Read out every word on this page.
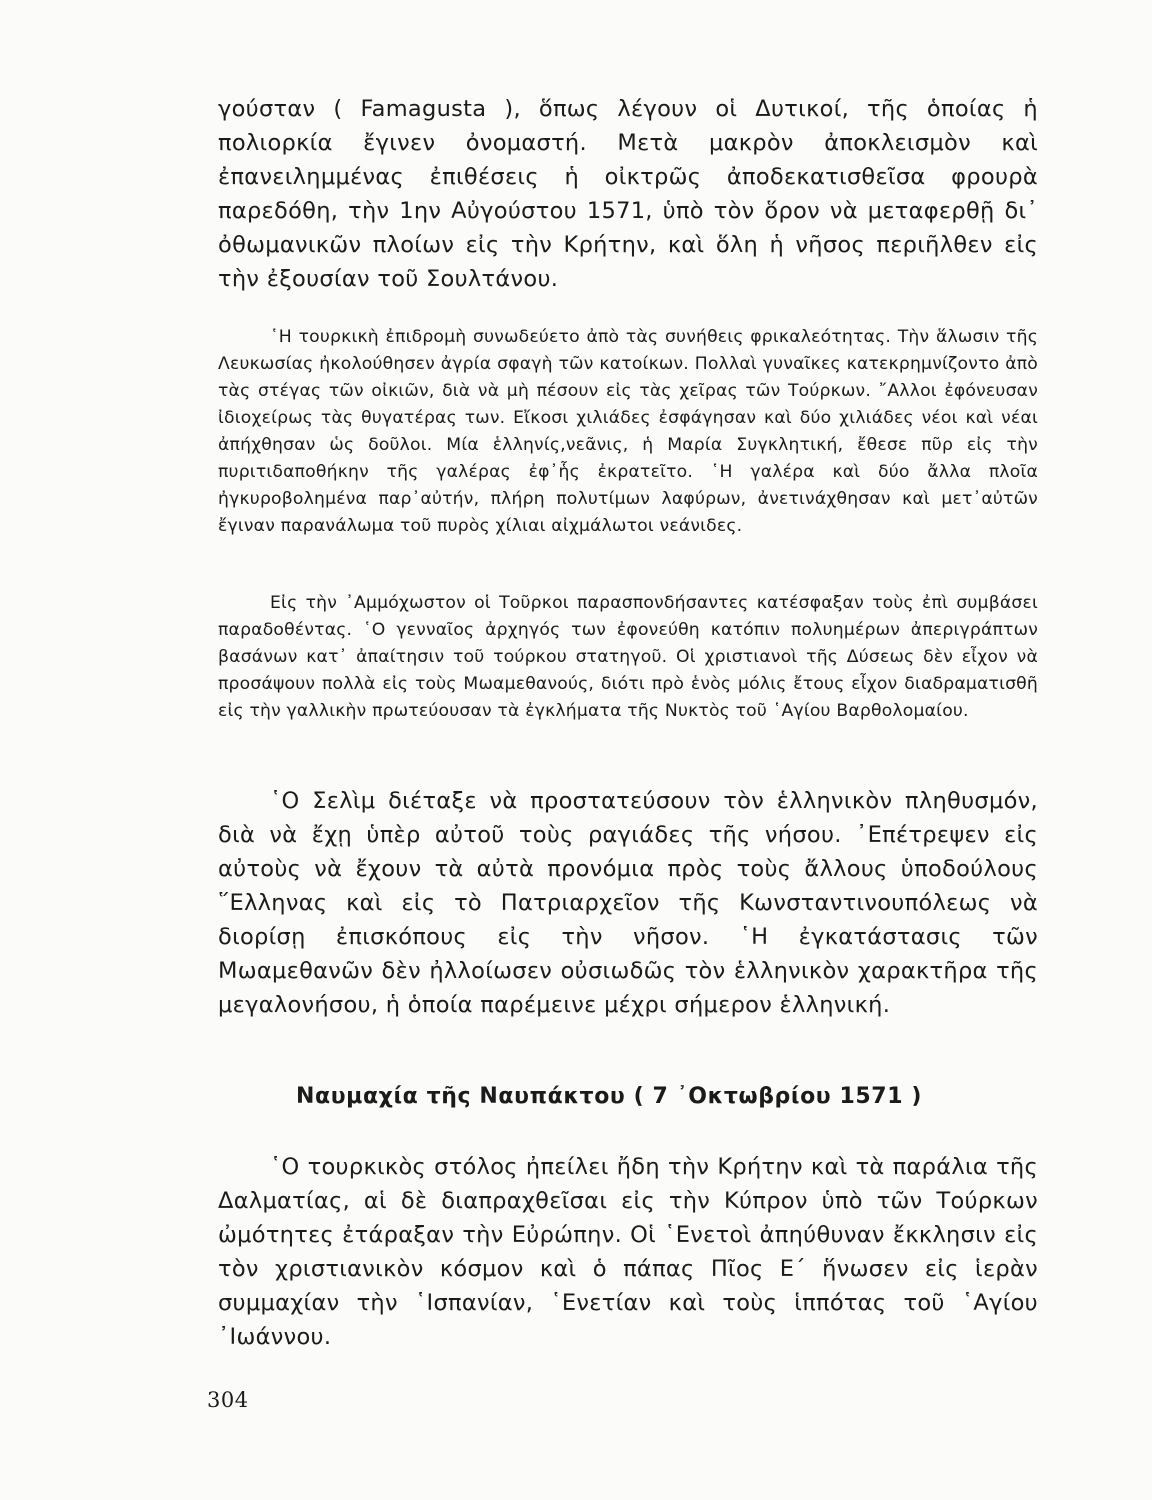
γούσταν ( Famagusta ), ὅπως λέγουν οἱ Δυτικοί, τῆς ὁποίας ἡ πολιορκία ἔγινεν ὀνομαστή. Μετὰ μακρὸν ἀποκλεισμὸν καὶ ἐπανειλημμένας ἐπιθέσεις ἡ οἰκτρῶς ἀποδεκατισθεῖσα φρουρὰ παρεδόθη, τὴν 1ην Αὐγούστου 1571, ὑπὸ τὸν ὅρον νὰ μεταφερθῇ δι᾿ ὀθωμανικῶν πλοίων εἰς τὴν Κρήτην, καὶ ὅλη ἡ νῆσος περιῆλθεν εἰς τὴν ἐξουσίαν τοῦ Σουλτάνου.

῾Η τουρκικὴ ἐπιδρομὴ συνωδεύετο ἀπὸ τὰς συνήθεις φρικαλεότητας. Τὴν ἅλωσιν τῆς Λευκωσίας ἠκολούθησεν ἀγρία σφαγὴ τῶν κατοίκων. Πολλαὶ γυναῖκες κατεκρημνίζοντο ἀπὸ τὰς στέγας τῶν οἰκιῶν, διὰ νὰ μὴ πέσουν εἰς τὰς χεῖρας τῶν Τούρκων. ῎Αλλοι ἐφόνευσαν ἰδιοχείρως τὰς θυγατέρας των. Εἴκοσι χιλιάδες ἐσφάγησαν καὶ δύο χιλιάδες νέοι καὶ νέαι ἀπήχθησαν ὡς δοῦλοι. Μία ἑλληνίς,νεᾶνις, ἡ Μαρία Συγκλητική, ἔθεσε πῦρ εἰς τὴν πυριτιδαποθήκην τῆς γαλέρας ἐφ᾿ἧς ἐκρατεῖτο. ῾Η γαλέρα καὶ δύο ἄλλα πλοῖα ἠγκυροβολημένα παρ᾿αὐτήν, πλήρη πολυτίμων λαφύρων, ἀνετινάχθησαν καὶ μετ᾿αὐτῶν ἔγιναν παρανάλωμα τοῦ πυρὸς χίλιαι αἰχμάλωτοι νεάνιδες.

Εἰς τὴν ᾿Αμμόχωστον οἱ Τοῦρκοι παρασπονδήσαντες κατέσφαξαν τοὺς ἐπὶ συμβάσει παραδοθέντας. ῾Ο γενναῖος ἀρχηγός των ἐφονεύθη κατόπιν πολυημέρων ἀπεριγράπτων βασάνων κατ᾿ ἀπαίτησιν τοῦ τούρκου στατηγοῦ. Οἱ χριστιανοὶ τῆς Δύσεως δὲν εἶχον νὰ προσάψουν πολλὰ εἰς τοὺς Μωαμεθανούς, διότι πρὸ ἑνὸς μόλις ἔτους εἶχον διαδραματισθῆ εἰς τὴν γαλλικὴν πρωτεύουσαν τὰ ἐγκλήματα τῆς Νυκτὸς τοῦ ῾Αγίου Βαρθολομαίου.

῾Ο Σελὶμ διέταξε νὰ προστατεύσουν τὸν ἑλληνικὸν πληθυσμόν, διὰ νὰ ἔχῃ ὑπὲρ αὐτοῦ τοὺς ραγιάδες τῆς νήσου. ᾿Επέτρεψεν εἰς αὐτοὺς νὰ ἔχουν τὰ αὐτὰ προνόμια πρὸς τοὺς ἄλλους ὑποδούλους ῞Ελληνας καὶ εἰς τὸ Πατριαρχεῖον τῆς Κωνσταντινουπόλεως νὰ διορίσῃ ἐπισκόπους εἰς τὴν νῆσον. ῾Η ἐγκατάστασις τῶν Μωαμεθανῶν δὲν ἠλλοίωσεν οὐσιωδῶς τὸν ἑλληνικὸν χαρακτῆρα τῆς μεγαλονήσου, ἡ ὁποία παρέμεινε μέχρι σήμερον ἑλληνική.

Ναυμαχία τῆς Ναυπάκτου ( 7 ᾿Οκτωβρίου 1571 )

῾Ο τουρκικὸς στόλος ἠπείλει ἤδη τὴν Κρήτην καὶ τὰ παράλια τῆς Δαλματίας, αἱ δὲ διαπραχθεῖσαι εἰς τὴν Κύπρον ὑπὸ τῶν Τούρκων ὠμότητες ἐτάραξαν τὴν Εὐρώπην. Οἱ ῾Ενετοὶ ἀπηύθυναν ἔκκλησιν εἰς τὸν χριστιανικὸν κόσμον καὶ ὁ πάπας Πῖος Ε΄ ἥνωσεν εἰς ἱερὰν συμμαχίαν τὴν ῾Ισπανίαν, ῾Ενετίαν καὶ τοὺς ἱππότας τοῦ ῾Αγίου ᾿Ιωάννου.

304
